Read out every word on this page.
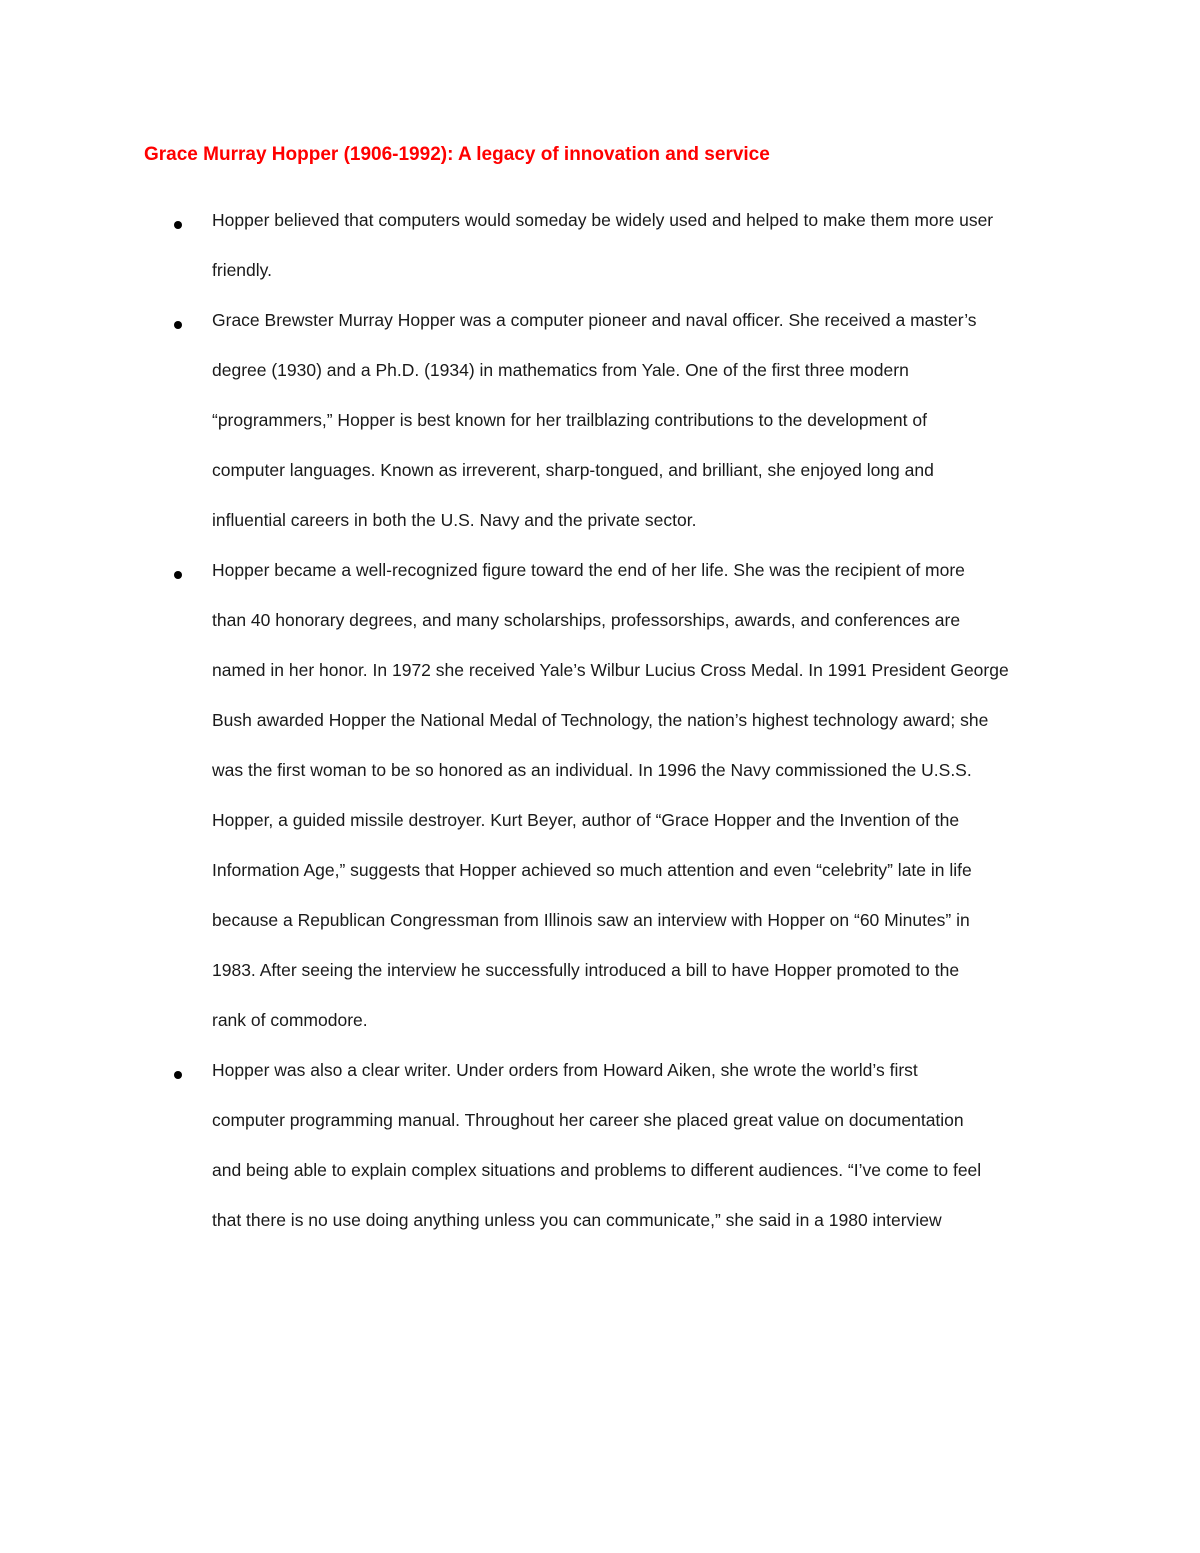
Grace Murray Hopper (1906-1992): A legacy of innovation and service

Hopper believed that computers would someday be widely used and helped to make them more user

friendly.

Grace Brewster Murray Hopper was a computer pioneer and naval officer. She received a master’s

degree (1930) and a Ph.D. (1934) in mathematics from Yale. One of the first three modern

“programmers,” Hopper is best known for her trailblazing contributions to the development of

computer languages. Known as irreverent, sharp-tongued, and brilliant, she enjoyed long and

influential careers in both the U.S. Navy and the private sector.

Hopper became a well-recognized figure toward the end of her life. She was the recipient of more

than 40 honorary degrees, and many scholarships, professorships, awards, and conferences are

named in her honor. In 1972 she received Yale’s Wilbur Lucius Cross Medal. In 1991 President George

Bush awarded Hopper the National Medal of Technology, the nation’s highest technology award; she

was the first woman to be so honored as an individual. In 1996 the Navy commissioned the U.S.S.

Hopper, a guided missile destroyer. Kurt Beyer, author of “Grace Hopper and the Invention of the

Information Age,” suggests that Hopper achieved so much attention and even “celebrity” late in life

because a Republican Congressman from Illinois saw an interview with Hopper on “60 Minutes” in

1983. After seeing the interview he successfully introduced a bill to have Hopper promoted to the

rank of commodore.

Hopper was also a clear writer. Under orders from Howard Aiken, she wrote the world’s first

computer programming manual. Throughout her career she placed great value on documentation

and being able to explain complex situations and problems to different audiences. “I’ve come to feel

that there is no use doing anything unless you can communicate,” she said in a 1980 interview
